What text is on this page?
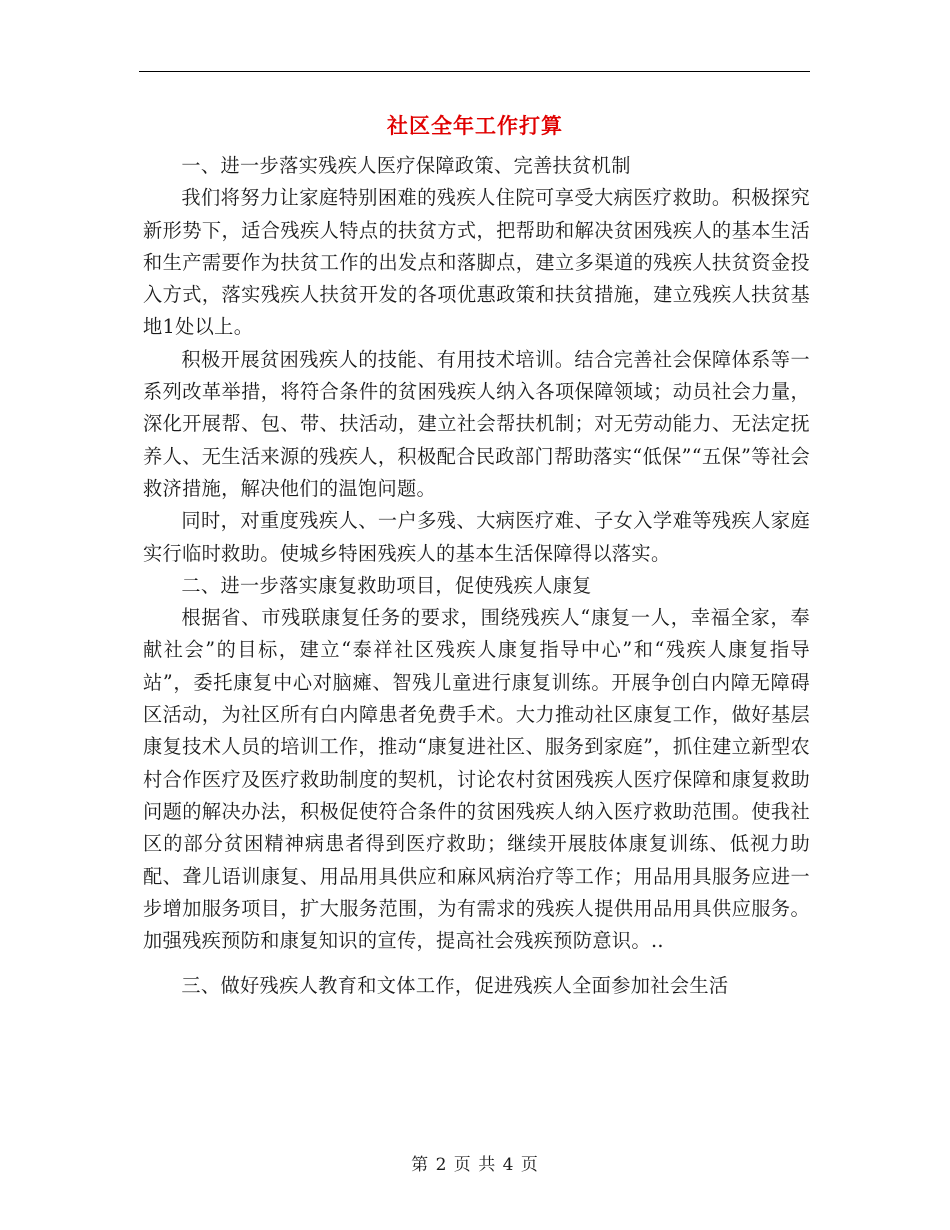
社区全年工作打算

一、进一步落实残疾人医疗保障政策、完善扶贫机制

我们将努力让家庭特别困难的残疾人住院可享受大病医疗救助。积极探究新形势下，适合残疾人特点的扶贫方式，把帮助和解决贫困残疾人的基本生活和生产需要作为扶贫工作的出发点和落脚点，建立多渠道的残疾人扶贫资金投入方式，落实残疾人扶贫开发的各项优惠政策和扶贫措施，建立残疾人扶贫基地1处以上。

积极开展贫困残疾人的技能、有用技术培训。结合完善社会保障体系等一系列改革举措，将符合条件的贫困残疾人纳入各项保障领域；动员社会力量，深化开展帮、包、带、扶活动，建立社会帮扶机制；对无劳动能力、无法定抚养人、无生活来源的残疾人，积极配合民政部门帮助落实“低保”“五保”等社会救济措施，解决他们的温饱问题。

同时，对重度残疾人、一户多残、大病医疗难、子女入学难等残疾人家庭实行临时救助。使城乡特困残疾人的基本生活保障得以落实。

二、进一步落实康复救助项目，促使残疾人康复

根据省、市残联康复任务的要求，围绕残疾人“康复一人，幸福全家，奉献社会”的目标，建立“泰祥社区残疾人康复指导中心”和“残疾人康复指导站”，委托康复中心对脑瘫、智残儿童进行康复训练。开展争创白内障无障碍区活动，为社区所有白内障患者免费手术。大力推动社区康复工作，做好基层康复技术人员的培训工作，推动“康复进社区、服务到家庭”，抓住建立新型农村合作医疗及医疗救助制度的契机，讨论农村贫困残疾人医疗保障和康复救助问题的解决办法，积极促使符合条件的贫困残疾人纳入医疗救助范围。使我社区的部分贫困精神病患者得到医疗救助；继续开展肢体康复训练、低视力助配、聋儿语训康复、用品用具供应和麻风病治疗等工作；用品用具服务应进一步增加服务项目，扩大服务范围，为有需求的残疾人提供用品用具供应服务。加强残疾预防和康复知识的宣传，提高社会残疾预防意识。..

三、做好残疾人教育和文体工作，促进残疾人全面参加社会生活

第 2 页 共 4 页
